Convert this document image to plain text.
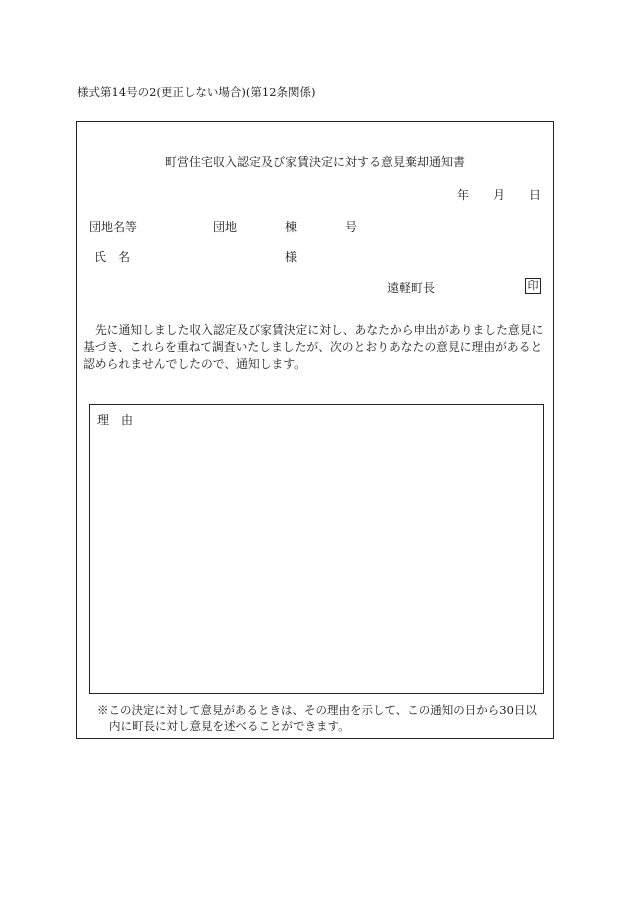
様式第14号の2(更正しない場合)(第12条関係)
町営住宅収入認定及び家賃決定に対する意見棄却通知書
年 月 日
団地名等	団地	棟	号
氏　名	様
遠軽町長	印

先に通知しました収入認定及び家賃決定に対し、あなたから申出がありました意見に

基づき、これらを重ねて調査いたしましたが、次のとおりあなたの意見に理由があると

認められませんでしたので、通知します。

理　由
※この決定に対して意見があるときは、その理由を示して、この通知の日から30日以
内に町長に対し意見を述べることができます。
